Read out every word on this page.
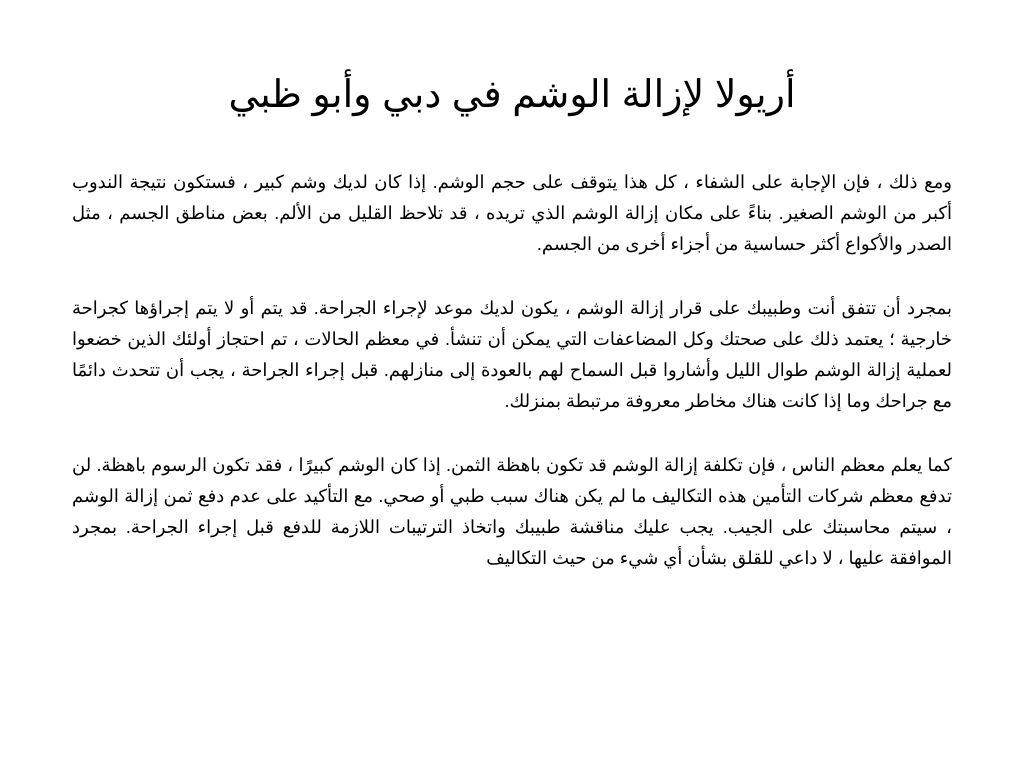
أريولا لإزالة الوشم في دبي وأبو ظبي

ومع ذلك ، فإن الإجابة على الشفاء ، كل هذا يتوقف على حجم الوشم. إذا كان لديك وشم كبير ، فستكون نتيجة الندوب أكبر من الوشم الصغير. بناءً على مكان إزالة الوشم الذي تريده ، قد تلاحظ القليل من الألم. بعض مناطق الجسم ، مثل الصدر والأكواع أكثر حساسية من أجزاء أخرى من الجسم.

بمجرد أن تتفق أنت وطبيبك على قرار إزالة الوشم ، يكون لديك موعد لإجراء الجراحة. قد يتم أو لا يتم إجراؤها كجراحة خارجية ؛ يعتمد ذلك على صحتك وكل المضاعفات التي يمكن أن تنشأ. في معظم الحالات ، تم احتجاز أولئك الذين خضعوا لعملية إزالة الوشم طوال الليل وأشاروا قبل السماح لهم بالعودة إلى منازلهم. قبل إجراء الجراحة ، يجب أن تتحدث دائمًا مع جراحك وما إذا كانت هناك مخاطر معروفة مرتبطة بمنزلك.

كما يعلم معظم الناس ، فإن تكلفة إزالة الوشم قد تكون باهظة الثمن. إذا كان الوشم كبيرًا ، فقد تكون الرسوم باهظة. لن تدفع معظم شركات التأمين هذه التكاليف ما لم يكن هناك سبب طبي أو صحي. مع التأكيد على عدم دفع ثمن إزالة الوشم ، سيتم محاسبتك على الجيب. يجب عليك مناقشة طبيبك واتخاذ الترتيبات اللازمة للدفع قبل إجراء الجراحة. بمجرد الموافقة عليها ، لا داعي للقلق بشأن أي شيء من حيث التكاليف
